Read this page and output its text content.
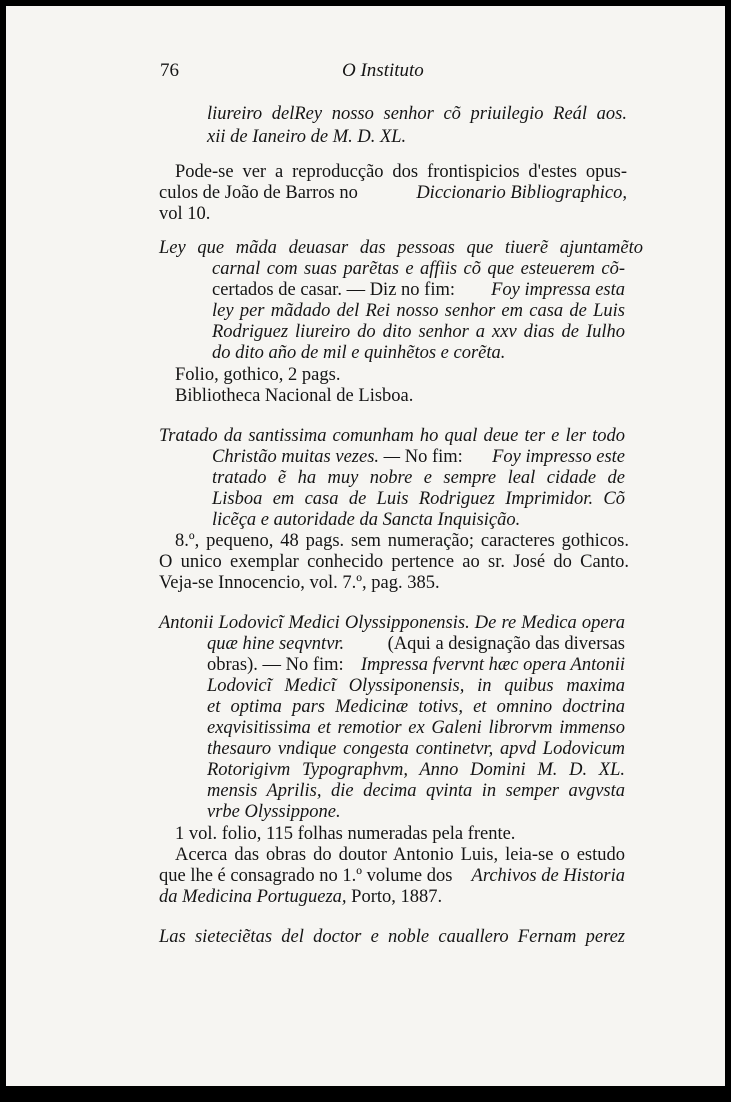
76	O Instituto
liureiro delRey nosso senhor cõ priuilegio Reál aos.
xii de Ianeiro de M. D. XL.
Pode-se ver a reproducção dos frontispicios d'estes opus-
culos de João de Barros no	Diccionario Bibliographico,
vol 10.
Ley que mãda deuasar das pessoas que tiuerẽ ajuntamẽto
carnal com suas parẽtas e affiis cõ que esteuerem cõ-
certados de casar. — Diz no fim: Foy impressa esta
ley per mãdado del Rei nosso senhor em casa de Luis
Rodriguez liureiro do dito senhor a xxv dias de Iulho
do dito año de mil e quinhẽtos e corẽta.
Folio, gothico, 2 pags.
Bibliotheca Nacional de Lisboa.
Tratado da santissima comunham ho qual deue ter e ler todo
Christão muitas vezes. — No fim: Foy impresso este
tratado ẽ ha muy nobre e sempre leal cidade de
Lisboa em casa de Luis Rodriguez Imprimidor. Cõ
licẽça e autoridade da Sancta Inquisição.
8.º, pequeno, 48 pags. sem numeração; caracteres gothicos.
O unico exemplar conhecido pertence ao sr. José do Canto.
Veja-se Innocencio, vol. 7.º, pag. 385.
Antonii Lodovicĩ Medici Olyssipponensis. De re Medica opera
quæ hine seqvntvr. (Aqui a designação das diversas
obras). — No fim: Impressa fvervnt hæc opera Antonii
Lodovicĩ Medicĩ Olyssiponensis, in quibus maxima
et optima pars Medicinæ totivs, et omnino doctrina
exqvisitissima et remotior ex Galeni librorvm immenso
thesauro vndique congesta continetvr, apvd Lodovicum
Rotorigivm Typographvm, Anno Domini M. D. XL.
mensis Aprilis, die decima qvinta in semper avgvsta
vrbe Olyssippone.
1 vol. folio, 115 folhas numeradas pela frente.
Acerca das obras do doutor Antonio Luis, leia-se o estudo
que lhe é consagrado no 1.º volume dos Archivos de Historia
da Medicina Portugueza, Porto, 1887.
Las sieteciẽtas del doctor e noble cauallero Fernam perez
